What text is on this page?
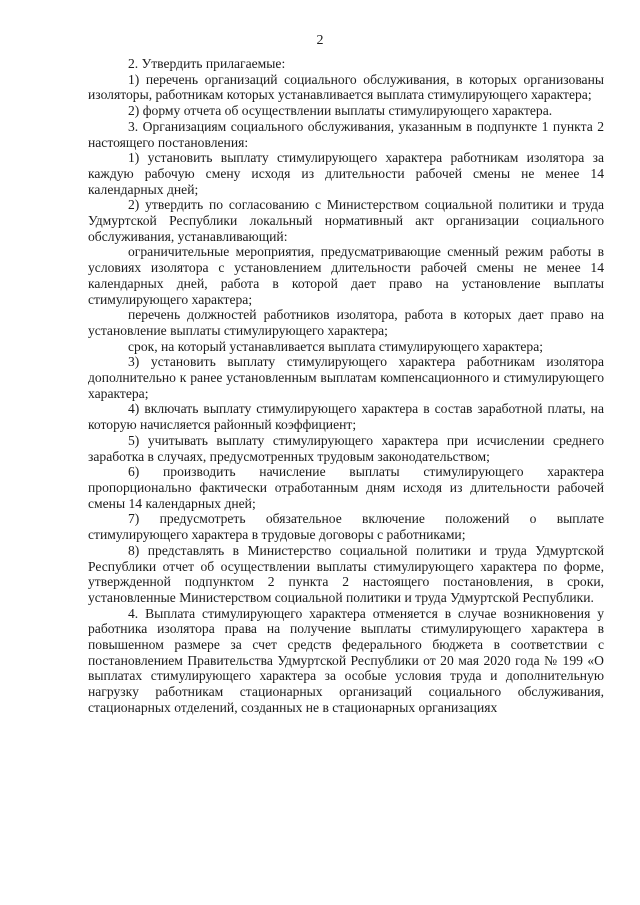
2

2. Утвердить прилагаемые:

1) перечень организаций социального обслуживания, в которых организованы изоляторы, работникам которых устанавливается выплата стимулирующего характера;

2) форму отчета об осуществлении выплаты стимулирующего характера.

3. Организациям социального обслуживания, указанным в подпункте 1 пункта 2 настоящего постановления:

1) установить выплату стимулирующего характера работникам изолятора за каждую рабочую смену исходя из длительности рабочей смены не менее 14 календарных дней;

2) утвердить по согласованию с Министерством социальной политики и труда Удмуртской Республики локальный нормативный акт организации социального обслуживания, устанавливающий:

ограничительные мероприятия, предусматривающие сменный режим работы в условиях изолятора с установлением длительности рабочей смены не менее 14 календарных дней, работа в которой дает право на установление выплаты стимулирующего характера;

перечень должностей работников изолятора, работа в которых дает право на установление выплаты стимулирующего характера;

срок, на который устанавливается выплата стимулирующего характера;

3) установить выплату стимулирующего характера работникам изолятора дополнительно к ранее установленным выплатам компенсационного и стимулирующего характера;

4) включать выплату стимулирующего характера в состав заработной платы, на которую начисляется районный коэффициент;

5) учитывать выплату стимулирующего характера при исчислении среднего заработка в случаях, предусмотренных трудовым законодательством;

6) производить начисление выплаты стимулирующего характера пропорционально фактически отработанным дням исходя из длительности рабочей смены 14 календарных дней;

7) предусмотреть обязательное включение положений о выплате стимулирующего характера в трудовые договоры с работниками;

8) представлять в Министерство социальной политики и труда Удмуртской Республики отчет об осуществлении выплаты стимулирующего характера по форме, утвержденной подпунктом 2 пункта 2 настоящего постановления, в сроки, установленные Министерством социальной политики и труда Удмуртской Республики.

4. Выплата стимулирующего характера отменяется в случае возникновения у работника изолятора права на получение выплаты стимулирующего характера в повышенном размере за счет средств федерального бюджета в соответствии с постановлением Правительства Удмуртской Республики от 20 мая 2020 года № 199 «О выплатах стимулирующего характера за особые условия труда и дополнительную нагрузку работникам стационарных организаций социального обслуживания, стационарных отделений, созданных не в стационарных организациях
